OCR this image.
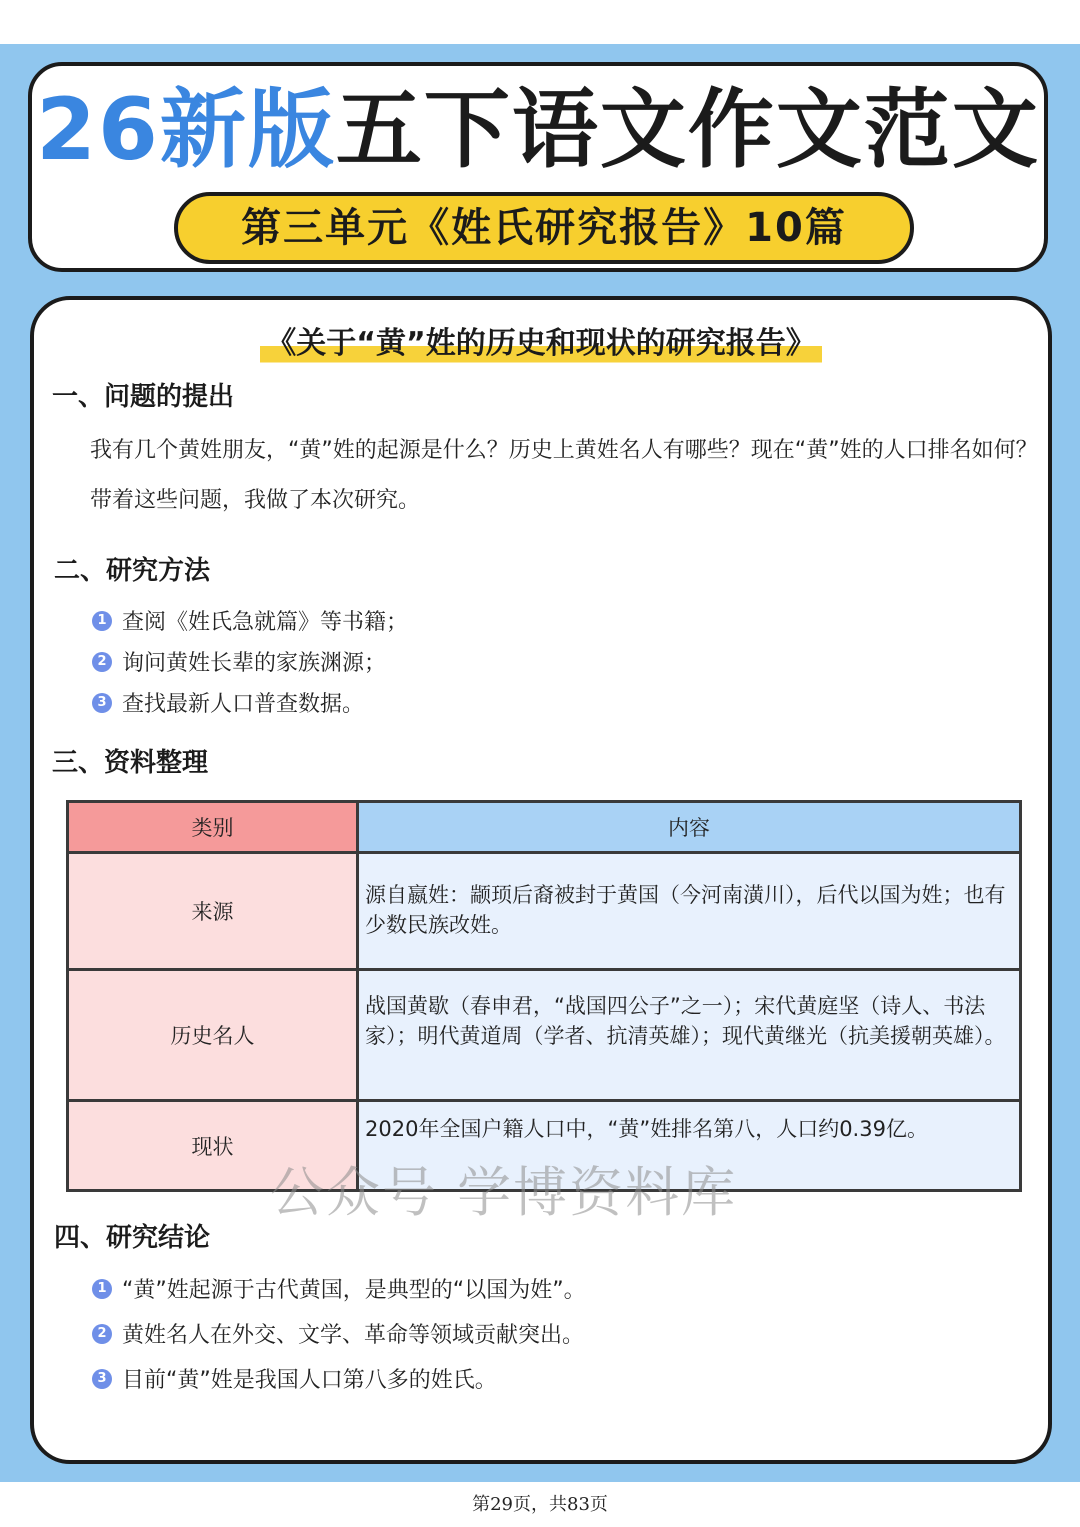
26新版五下语文作文范文
第三单元《姓氏研究报告》10篇
《关于“黄”姓的历史和现状的研究报告》
一、问题的提出
我有几个黄姓朋友，“黄”姓的起源是什么？历史上黄姓名人有哪些？现在“黄”姓的人口排名如何？带着这些问题，我做了本次研究。
二、研究方法
1 查阅《姓氏急就篇》等书籍；
2 询问黄姓长辈的家族渊源；
3 查找最新人口普查数据。
三、资料整理
类别	内容
来源
源自嬴姓：颛顼后裔被封于黄国（今河南潢川），后代以国为姓；也有少数民族改姓。
历史名人
战国黄歇（春申君，“战国四公子”之一）；宋代黄庭坚（诗人、书法家）；明代黄道周（学者、抗清英雄）；现代黄继光（抗美援朝英雄）。
现状
2020年全国户籍人口中，“黄”姓排名第八，人口约0.39亿。
四、研究结论
1 “黄”姓起源于古代黄国，是典型的“以国为姓”。
2 黄姓名人在外交、文学、革命等领域贡献突出。
3 目前“黄”姓是我国人口第八多的姓氏。
公众号 学博资料库
第29页，共83页
